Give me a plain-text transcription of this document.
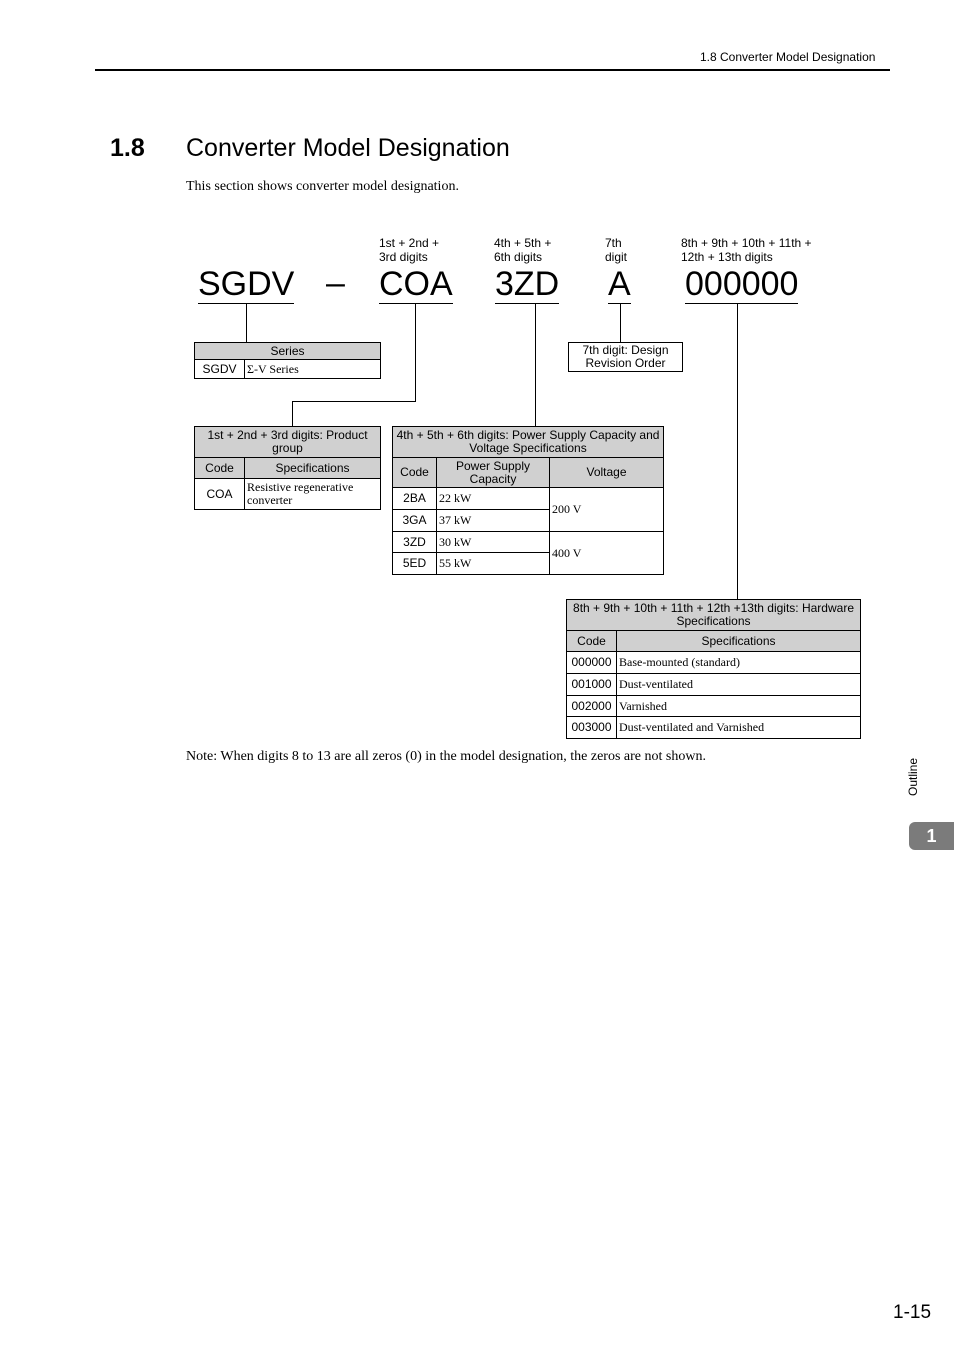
1.8 Converter Model Designation
1.8 Converter Model Designation
This section shows converter model designation.
1st + 2nd +
3rd digits
4th + 5th +
6th digits
7th
digit
8th + 9th + 10th + 11th +
12th + 13th digits
SGDV – COA 3ZD A 000000
Series
SGDV	Σ-V Series
7th digit: Design Revision Order
1st + 2nd + 3rd digits: Product group	
Code	Specifications
COA	Resistive regenerative converter
4th + 5th + 6th digits: Power Supply Capacity and Voltage Specifications		
Code	Power Supply Capacity	Voltage
2BA	22 kW	200 V
3GA	37 kW	
3ZD	30 kW	400 V
5ED	55 kW	
8th + 9th + 10th + 11th + 12th +13th digits: Hardware Specifications	
Code	Specifications
000000	Base-mounted (standard)
001000	Dust-ventilated
002000	Varnished
003000	Dust-ventilated and Varnished
Note: When digits 8 to 13 are all zeros (0) in the model designation, the zeros are not shown.
Outline
1
1-15
